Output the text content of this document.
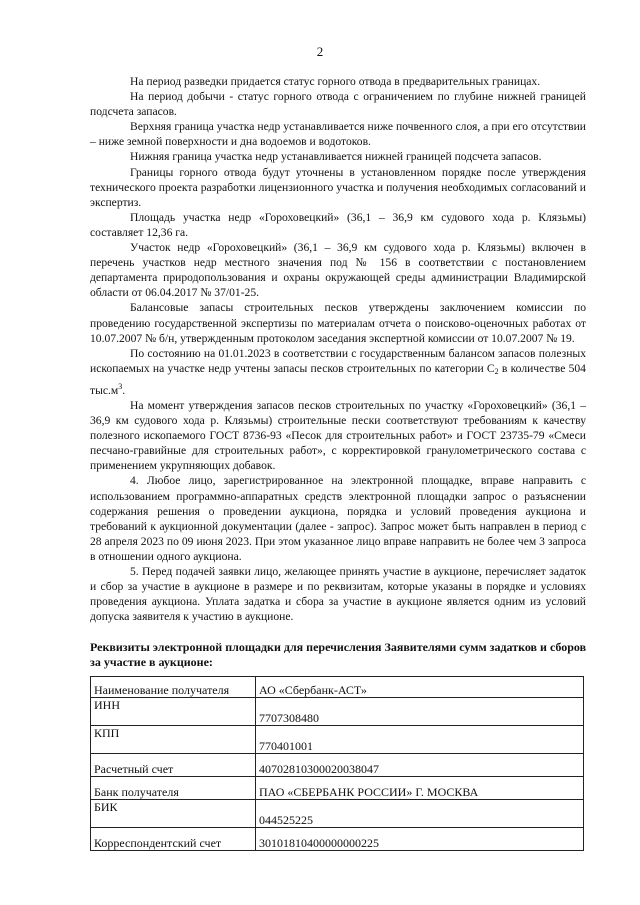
2

На период разведки придается статус горного отвода в предварительных границах.

На период добычи - статус горного отвода с ограничением по глубине нижней границей подсчета запасов.

Верхняя граница участка недр устанавливается ниже почвенного слоя, а при его отсутствии – ниже земной поверхности и дна водоемов и водотоков.

Нижняя граница участка недр устанавливается нижней границей подсчета запасов.

Границы горного отвода будут уточнены в установленном порядке после утверждения технического проекта разработки лицензионного участка и получения необходимых согласований и экспертиз.

Площадь участка недр «Гороховецкий» (36,1 – 36,9 км судового хода р. Клязьмы) составляет 12,36 га.

Участок недр «Гороховецкий» (36,1 – 36,9 км судового хода р. Клязьмы) включен в перечень участков недр местного значения под № 156 в соответствии с постановлением департамента природопользования и охраны окружающей среды администрации Владимирской области от 06.04.2017 № 37/01-25.

Балансовые запасы строительных песков утверждены заключением комиссии по проведению государственной экспертизы по материалам отчета о поисково-оценочных работах от 10.07.2007 № б/н, утвержденным протоколом заседания экспертной комиссии от 10.07.2007 № 19.

По состоянию на 01.01.2023 в соответствии с государственным балансом запасов полезных ископаемых на участке недр учтены запасы песков строительных по категории $C_2$ в количестве 504 $тыс.м^3$.

На момент утверждения запасов песков строительных по участку «Гороховецкий» (36,1 – 36,9 км судового хода р. Клязьмы) строительные пески соответствуют требованиям к качеству полезного ископаемого ГОСТ 8736-93 «Песок для строительных работ» и ГОСТ 23735-79 «Смеси песчано-гравийные для строительных работ», с корректировкой гранулометрического состава с применением укрупняющих добавок.

4. Любое лицо, зарегистрированное на электронной площадке, вправе направить с использованием программно-аппаратных средств электронной площадки запрос о разъяснении содержания решения о проведении аукциона, порядка и условий проведения аукциона и требований к аукционной документации (далее - запрос). Запрос может быть направлен в период с 28 апреля 2023 по 09 июня 2023. При этом указанное лицо вправе направить не более чем 3 запроса в отношении одного аукциона.

5. Перед подачей заявки лицо, желающее принять участие в аукционе, перечисляет задаток и сбор за участие в аукционе в размере и по реквизитам, которые указаны в порядке и условиях проведения аукциона. Уплата задатка и сбора за участие в аукционе является одним из условий допуска заявителя к участию в аукционе.

Реквизиты электронной площадки для перечисления Заявителями сумм задатков и сборов за участие в аукционе:
Наименование получателя	АО «Сбербанк-АСТ»
ИНН	7707308480
КПП	770401001
Расчетный счет	40702810300020038047
Банк получателя	ПАО «СБЕРБАНК РОССИИ» Г. МОСКВА
БИК	044525225
Корреспондентский счет	30101810400000000225
